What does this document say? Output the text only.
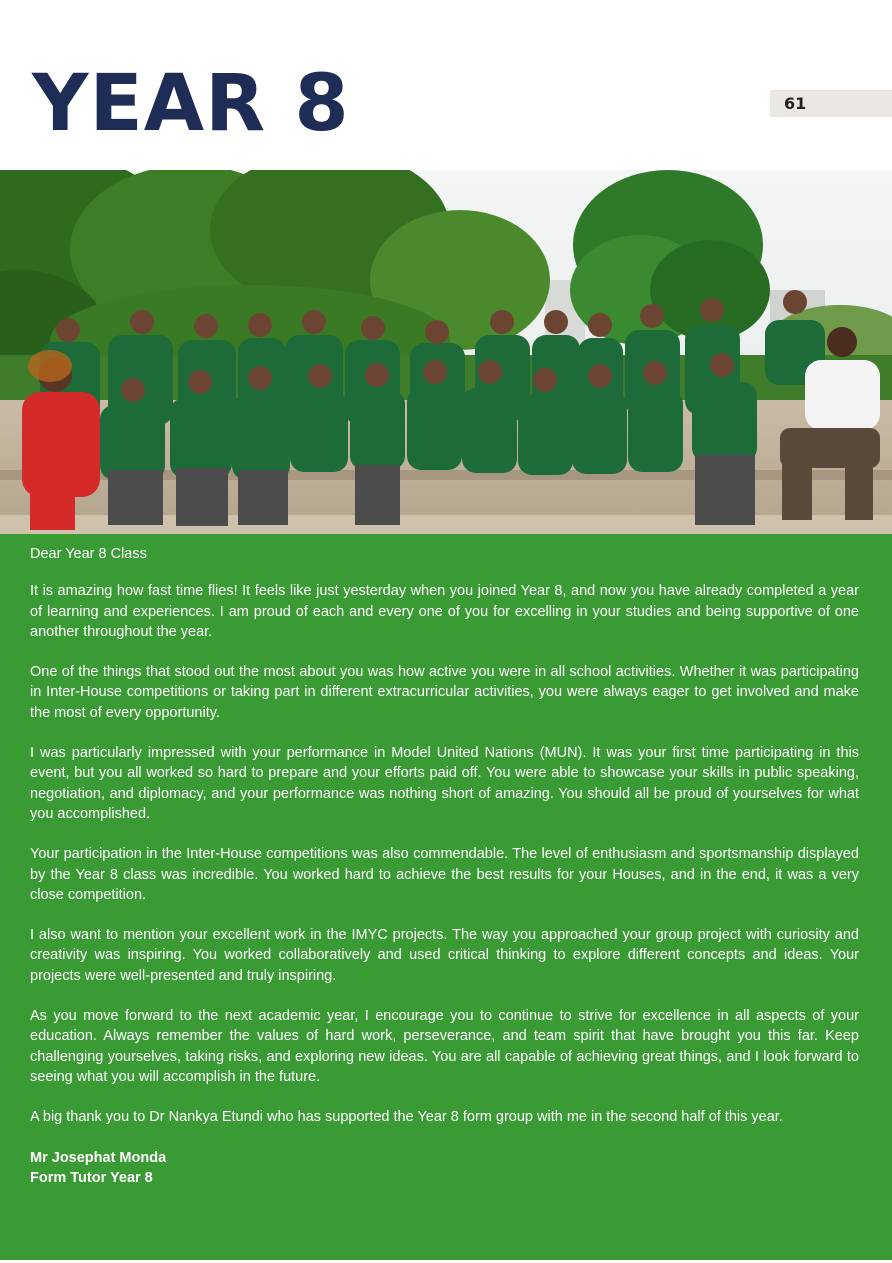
YEAR 8	61

Dear Year 8 Class

It is amazing how fast time flies! It feels like just yesterday when you joined Year 8, and now you have already completed a year of learning and experiences. I am proud of each and every one of you for excelling in your studies and being supportive of one another throughout the year.

One of the things that stood out the most about you was how active you were in all school activities. Whether it was participating in Inter-House competitions or taking part in different extracurricular activities, you were always eager to get involved and make the most of every opportunity.

I was particularly impressed with your performance in Model United Nations (MUN). It was your first time participating in this event, but you all worked so hard to prepare and your efforts paid off. You were able to showcase your skills in public speaking, negotiation, and diplomacy, and your performance was nothing short of amazing. You should all be proud of yourselves for what you accomplished.

Your participation in the Inter-House competitions was also commendable. The level of enthusiasm and sportsmanship displayed by the Year 8 class was incredible. You worked hard to achieve the best results for your Houses, and in the end, it was a very close competition.

I also want to mention your excellent work in the IMYC projects. The way you approached your group project with curiosity and creativity was inspiring. You worked collaboratively and used critical thinking to explore different concepts and ideas. Your projects were well-presented and truly inspiring.

As you move forward to the next academic year, I encourage you to continue to strive for excellence in all aspects of your education. Always remember the values of hard work, perseverance, and team spirit that have brought you this far. Keep challenging yourselves, taking risks, and exploring new ideas. You are all capable of achieving great things, and I look forward to seeing what you will accomplish in the future.

A big thank you to Dr Nankya Etundi who has supported the Year 8 form group with me in the second half of this year.

Mr Josephat Monda
Form Tutor Year 8
